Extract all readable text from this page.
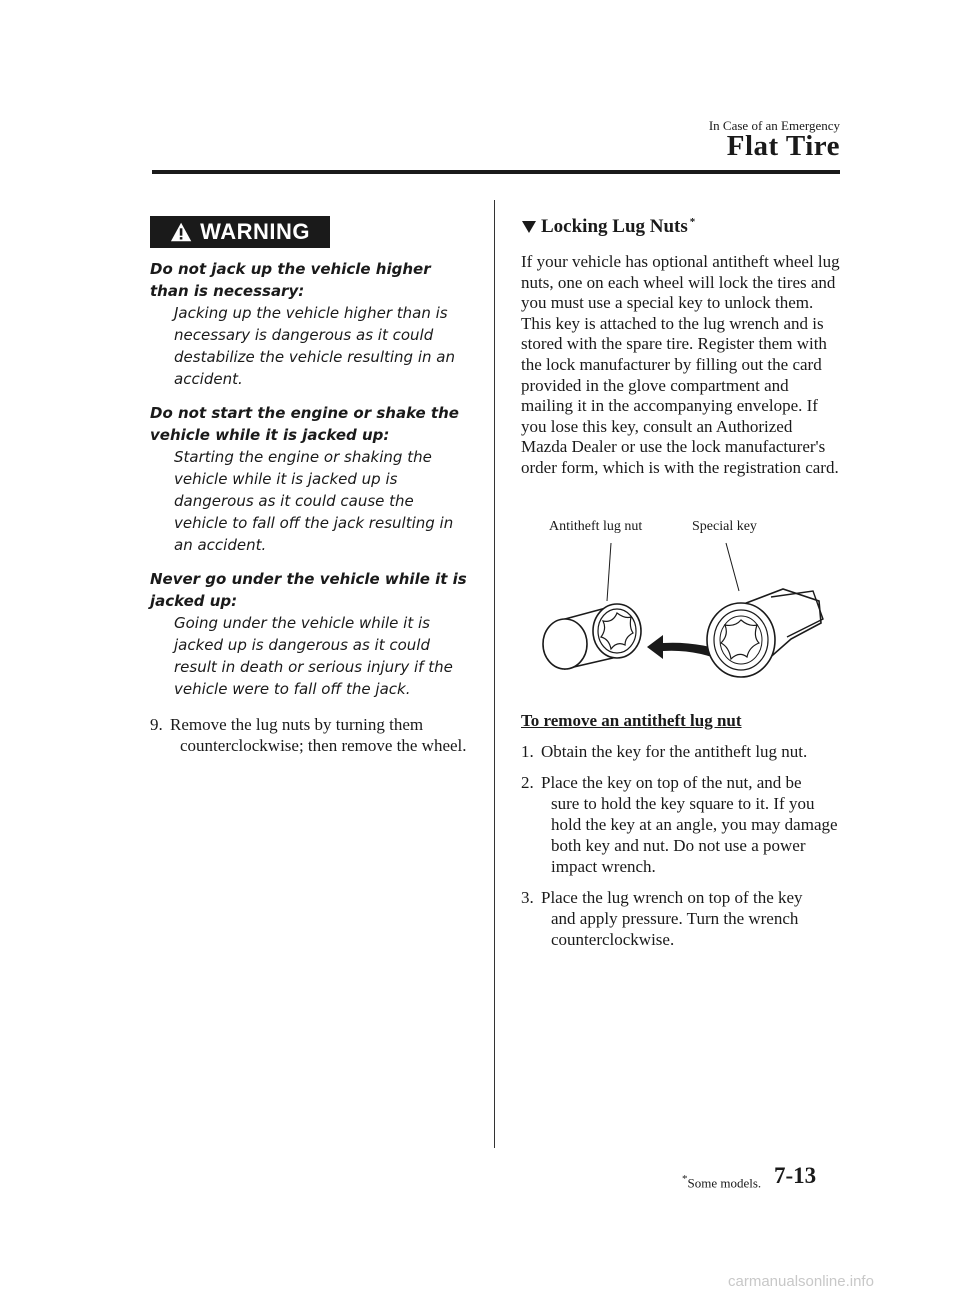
In Case of an Emergency
Flat Tire
WARNING
Do not jack up the vehicle higher than is necessary:
Jacking up the vehicle higher than is necessary is dangerous as it could destabilize the vehicle resulting in an accident.
Do not start the engine or shake the vehicle while it is jacked up:
Starting the engine or shaking the vehicle while it is jacked up is dangerous as it could cause the vehicle to fall off the jack resulting in an accident.
Never go under the vehicle while it is jacked up:
Going under the vehicle while it is jacked up is dangerous as it could result in death or serious injury if the vehicle were to fall off the jack.
9. Remove the lug nuts by turning them
counterclockwise; then remove the wheel.
Locking Lug Nuts *
If your vehicle has optional antitheft wheel lug nuts, one on each wheel will lock the tires and you must use a special key to unlock them. This key is attached to the lug wrench and is stored with the spare tire. Register them with the lock manufacturer by filling out the card provided in the glove compartment and mailing it in the accompanying envelope. If you lose this key, consult an Authorized Mazda Dealer or use the lock manufacturer's order form, which is with the registration card.
Antitheft lug nut	Special key
To remove an antitheft lug nut
1. Obtain the key for the antitheft lug nut.
2. Place the key on top of the nut, and be
sure to hold the key square to it. If you hold the key at an angle, you may damage both key and nut. Do not use a power impact wrench.
3. Place the lug wrench on top of the key
and apply pressure. Turn the wrench counterclockwise.
*Some models. 7-13
carmanualsonline.info
